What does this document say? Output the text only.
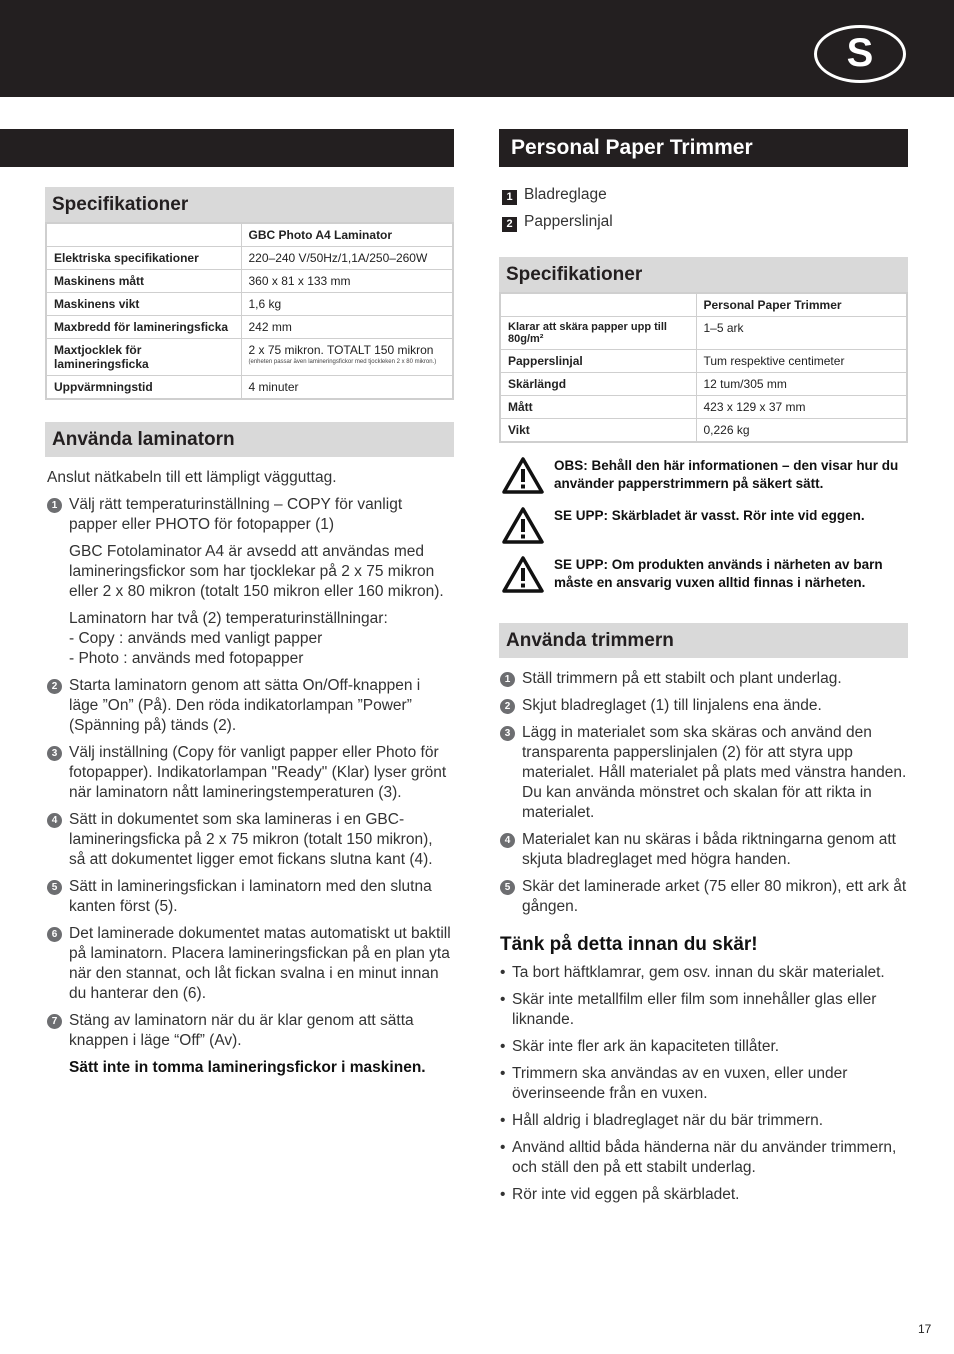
S
Specifikationer
	GBC Photo A4 Laminator
Elektriska specifikationer	220–240 V/50Hz/1,1A/250–260W
Maskinens mått	360 x 81 x 133 mm
Maskinens vikt	1,6 kg
Maxbredd för lamineringsficka	242 mm
Maxtjocklek för lamineringsficka	2 x 75 mikron. TOTALT 150 mikron
(enheten passar även lamineringsfickor med tjockleken 2 x 80 mikron.)

Uppvärmningstid	4 minuter
Använda laminatorn
Anslut nätkabeln till ett lämpligt vägguttag.
1 Välj rätt temperaturinställning – COPY för vanligt papper eller PHOTO för fotopapper (1)
GBC Fotolaminator A4 är avsedd att användas med lamineringsfickor som har tjocklekar på 2 x 75 mikron eller 2 x 80 mikron (totalt 150 mikron eller 160 mikron).
Laminatorn har två (2) temperaturinställningar:
- Copy : används med vanligt papper
- Photo : används med fotopapper
2 Starta laminatorn genom att sätta On/Off-knappen i läge ”On” (På). Den röda indikatorlampan ”Power” (Spänning på) tänds (2).
3 Välj inställning (Copy för vanligt papper eller Photo för fotopapper). Indikatorlampan "Ready" (Klar) lyser grönt när laminatorn nått lamineringstemperaturen (3).
4 Sätt in dokumentet som ska lamineras i en GBC-lamineringsficka på 2 x 75 mikron (totalt 150 mikron), så att dokumentet ligger emot fickans slutna kant (4).
5 Sätt in lamineringsfickan i laminatorn med den slutna kanten först (5).
6 Det laminerade dokumentet matas automatiskt ut baktill på laminatorn. Placera lamineringsfickan på en plan yta när den stannat, och låt fickan svalna i en minut innan du hanterar den (6).
7 Stäng av laminatorn när du är klar genom att sätta knappen i läge “Off” (Av).
Sätt inte in tomma lamineringsfickor i maskinen.
Personal Paper Trimmer
1 Bladreglage
2 Papperslinjal
Specifikationer
	Personal Paper Trimmer
Klarar att skära papper upp till 80g/m²	1–5 ark
Papperslinjal	Tum respektive centimeter
Skärlängd	12 tum/305 mm
Mått	423 x 129 x 37 mm
Vikt	0,226 kg
OBS: Behåll den här informationen – den visar hur du använder papperstrimmern på säkert sätt.
SE UPP: Skärbladet är vasst. Rör inte vid eggen.
SE UPP: Om produkten används i närheten av barn måste en ansvarig vuxen alltid finnas i närheten.
Använda trimmern
1 Ställ trimmern på ett stabilt och plant underlag.
2 Skjut bladreglaget (1) till linjalens ena ände.
3 Lägg in materialet som ska skäras och använd den transparenta papperslinjalen (2) för att styra upp materialet. Håll materialet på plats med vänstra handen. Du kan använda mönstret och skalan för att rikta in materialet.
4 Materialet kan nu skäras i båda riktningarna genom att skjuta bladreglaget med högra handen.
5 Skär det laminerade arket (75 eller 80 mikron), ett ark åt gången.
Tänk på detta innan du skär!
• Ta bort häftklamrar, gem osv. innan du skär materialet.
• Skär inte metallfilm eller film som innehåller glas eller liknande.
• Skär inte fler ark än kapaciteten tillåter.
• Trimmern ska användas av en vuxen, eller under överinseende från en vuxen.
• Håll aldrig i bladreglaget när du bär trimmern.
• Använd alltid båda händerna när du använder trimmern, och ställ den på ett stabilt underlag.
• Rör inte vid eggen på skärbladet.
17
